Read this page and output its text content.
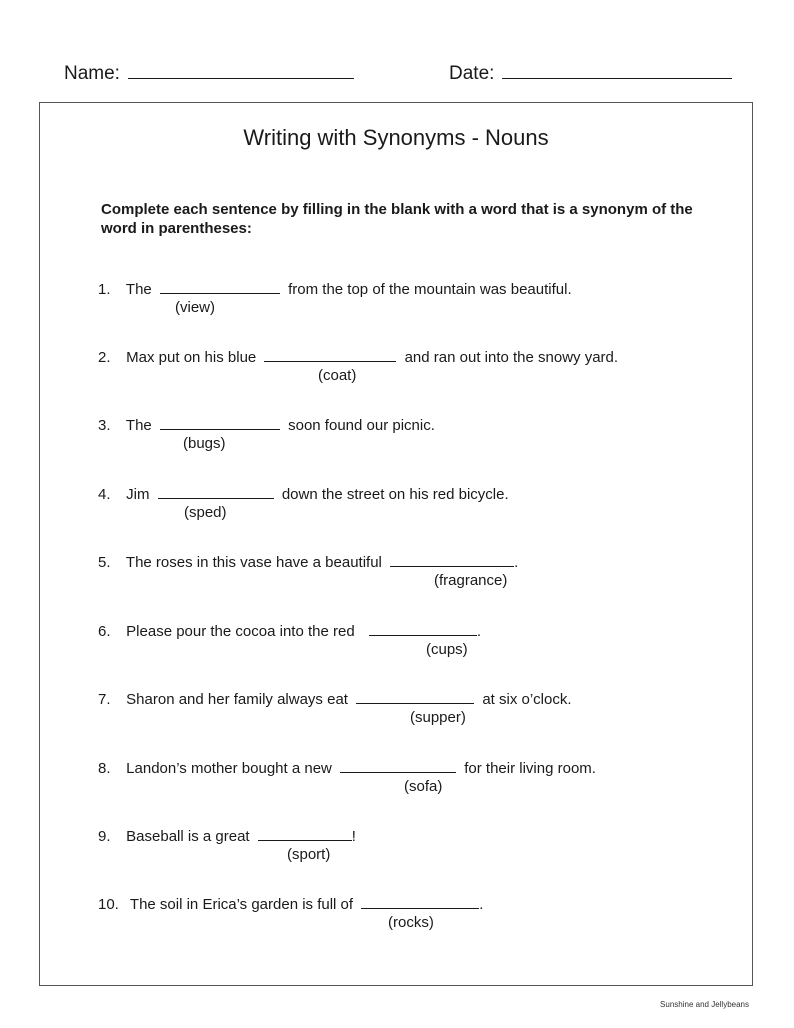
Name:	Date:
Writing with Synonyms - Nouns
Complete each sentence by filling in the blank with a word that is a synonym of the word in parentheses:
1. The	from the top of the mountain was beautiful.
(view)
2. Max put on his blue	and ran out into the snowy yard.
(coat)
3. The	soon found our picnic.
(bugs)
4. Jim	down the street on his red bicycle.
(sped)
5. The roses in this vase have a beautiful	.
(fragrance)
6. Please pour the cocoa into the red	.
(cups)
7. Sharon and her family always eat	at six o’clock.
(supper)
8. Landon’s mother bought a new	for their living room.
(sofa)
9. Baseball is a great	!
(sport)
10. The soil in Erica’s garden is full of	.
(rocks)
Sunshine and Jellybeans
